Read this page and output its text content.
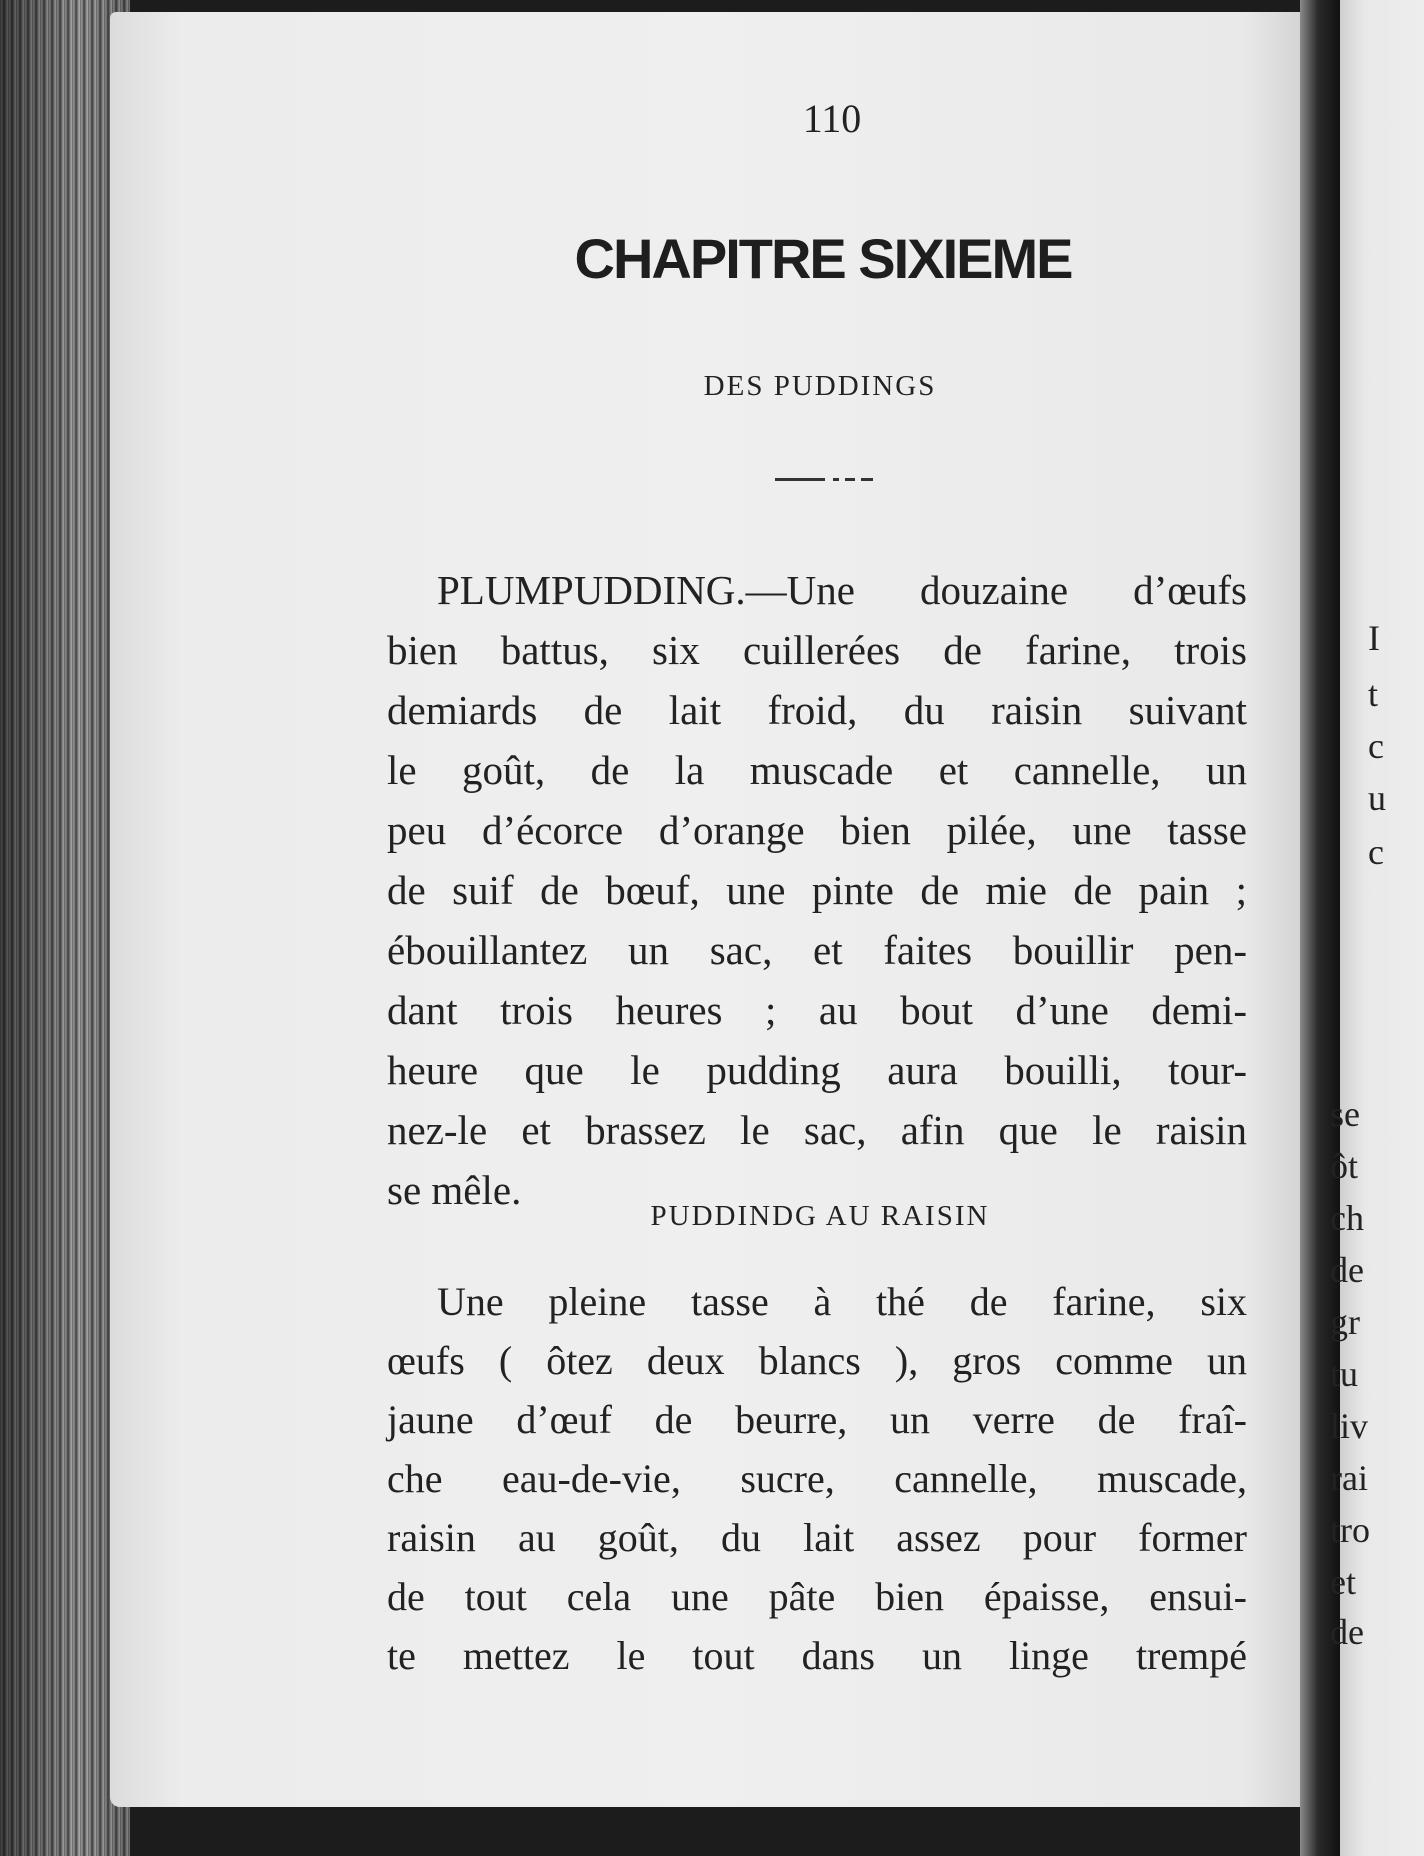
I
t
c
u
c
se
ôt
ch
de
gr
tu
liv
rai
tro
et
de
110
CHAPITRE SIXIEME
DES PUDDINGS
PLUMPUDDING.—Une douzaine d’œufs
bien battus, six cuillerées de farine, trois
demiards de lait froid, du raisin suivant
le goût, de la muscade et cannelle, un
peu d’écorce d’orange bien pilée, une tasse
de suif de bœuf, une pinte de mie de pain ;
ébouillantez un sac, et faites bouillir pen-
dant trois heures ; au bout d’une demi-
heure que le pudding aura bouilli, tour-
nez-le et brassez le sac, afin que le raisin
se mêle.
PUDDINDG AU RAISIN
Une pleine tasse à thé de farine, six
œufs ( ôtez deux blancs ), gros comme un
jaune d’œuf de beurre, un verre de fraî-
che eau-de-vie, sucre, cannelle, muscade,
raisin au goût, du lait assez pour former
de tout cela une pâte bien épaisse, ensui-
te mettez le tout dans un linge trempé
